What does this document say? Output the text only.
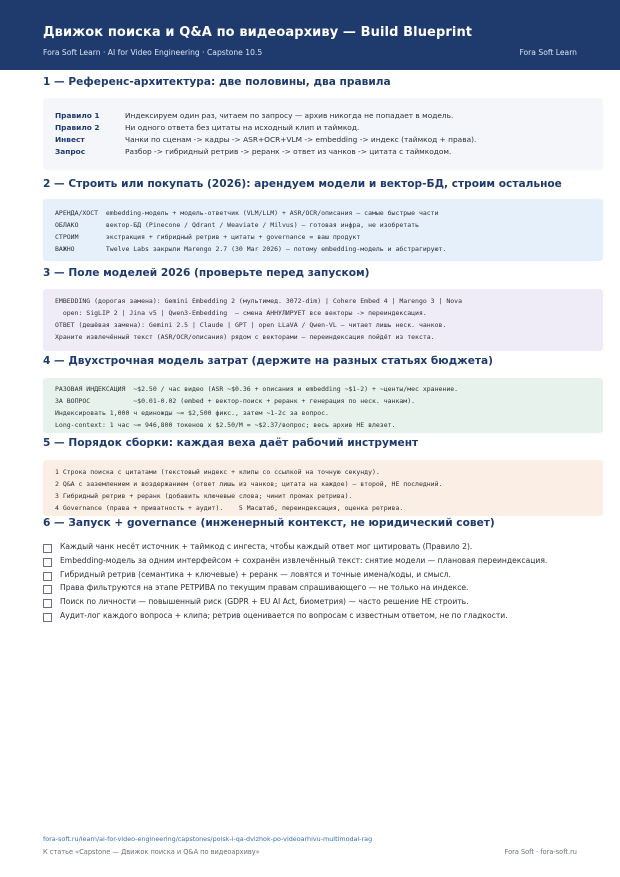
Движок поиска и Q&A по видеоархиву — Build Blueprint
Fora Soft Learn · AI for Video Engineering · Capstone 10.5	Fora Soft Learn
1 — Референс-архитектура: две половины, два правила
Правило 1	Индексируем один раз, читаем по запросу — архив никогда не попадает в модель.
Правило 2	Ни одного ответа без цитаты на исходный клип и таймкод.
Инвест	Чанки по сценам -> кадры -> ASR+OCR+VLM -> embedding -> индекс (таймкод + права).
Запрос	Разбор -> гибридный ретрив -> реранк -> ответ из чанков -> цитата с таймкодом.
2 — Строить или покупать (2026): арендуем модели и вектор-БД, строим остальное
АРЕНДА/ХОСТ  embedding-модель + модель-ответчик (VLM/LLM) + ASR/OCR/описания — самые быстрые части
ОБЛАКО       вектор-БД (Pinecone / Qdrant / Weaviate / Milvus) — готовая инфра, не изобретать
СТРОИМ       экстракция + гибридный ретрив + цитаты + governance = ваш продукт
ВАЖНО        Twelve Labs закрыли Marengo 2.7 (30 Mar 2026) — потому embedding-модель и абстрагируют.
3 — Поле моделей 2026 (проверьте перед запуском)
EMBEDDING (дорогая замена): Gemini Embedding 2 (мультимед. 3072-dim) | Cohere Embed 4 | Marengo 3 | Nova
open: SigLIP 2 | Jina v5 | Qwen3-Embedding  — смена АННУЛИРУЕТ все векторы -> переиндексация.
ОТВЕТ (дешёвая замена): Gemini 2.5 | Claude | GPT | open LLaVA / Qwen-VL — читает лишь неск. чанков.
Храните извлечённый текст (ASR/OCR/описания) рядом с векторами — переиндексация пойдёт из текста.
4 — Двухстрочная модель затрат (держите на разных статьях бюджета)
РАЗОВАЯ ИНДЕКСАЦИЯ  ~$2.50 / час видео (ASR ~$0.36 + описания и embedding ~$1-2) + ~центы/мес хранение.
ЗА ВОПРОС           ~$0.01-0.02 (embed + вектор-поиск + реранк + генерация по неск. чанкам).
Индексировать 1,000 ч единожды ~= $2,500 фикс., затем ~1-2c за вопрос.
Long-context: 1 час ~= 946,800 токенов x $2.50/M = ~$2.37/вопрос; весь архив НЕ влезет.
5 — Порядок сборки: каждая веха даёт рабочий инструмент
1 Строка поиска с цитатами (текстовый индекс + клипы со ссылкой на точную секунду).
2 Q&A с заземлением и воздержанием (ответ лишь из чанков; цитата на каждое) — второй, НЕ последний.
3 Гибридный ретрив + реранк (добавить ключевые слова; чинит промах ретрива).
4 Governance (права + приватность + аудит).    5 Масштаб, переиндексация, оценка ретрива.
6 — Запуск + governance (инженерный контекст, не юридический совет)
Каждый чанк несёт источник + таймкод с ингеста, чтобы каждый ответ мог цитировать (Правило 2).
Embedding-модель за одним интерфейсом + сохранён извлечённый текст: снятие модели — плановая переиндексация.
Гибридный ретрив (семантика + ключевые) + реранк — ловятся и точные имена/коды, и смысл.
Права фильтруются на этапе РЕТРИВА по текущим правам спрашивающего — не только на индексе.
Поиск по личности — повышенный риск (GDPR + EU AI Act, биометрия) — часто решение НЕ строить.
Аудит-лог каждого вопроса + клипа; ретрив оценивается по вопросам с известным ответом, не по гладкости.
fora-soft.ru/learn/ai-for-video-engineering/capstones/poisk-i-qa-dvizhok-po-videoarhivu-multimodal-rag
К статье «Capstone — Движок поиска и Q&A по видеоархиву»	Fora Soft · fora-soft.ru
